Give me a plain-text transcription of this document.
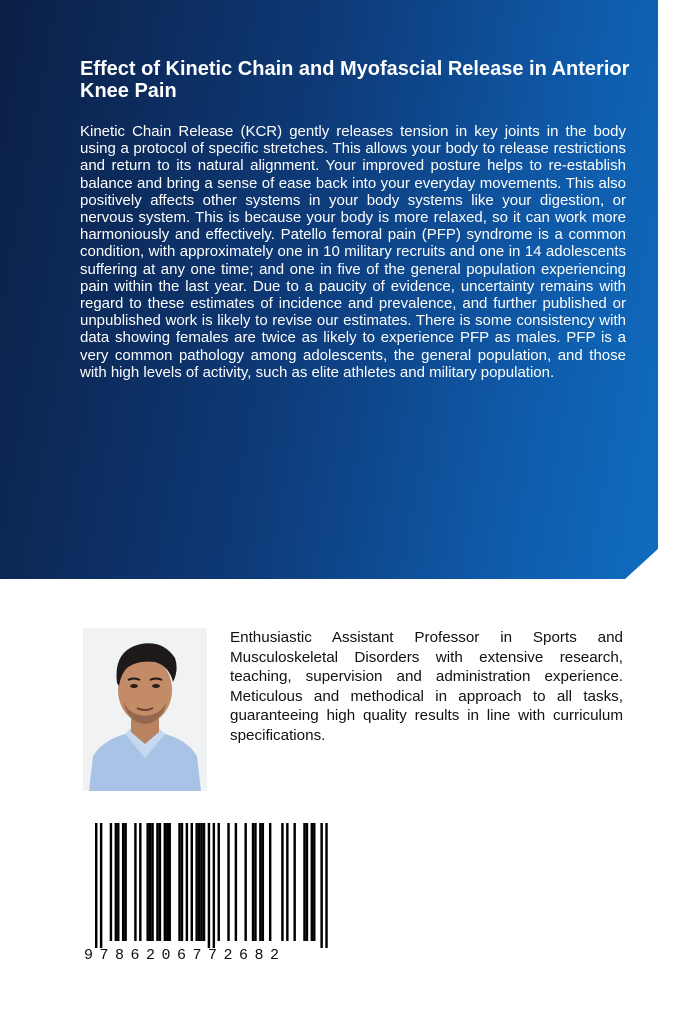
Effect of Kinetic Chain and Myofascial Release in Anterior Knee Pain

Kinetic Chain Release (KCR) gently releases tension in key joints in the body using a protocol of specific stretches. This allows your body to release restrictions and return to its natural alignment. Your improved posture helps to re-establish balance and bring a sense of ease back into your everyday movements. This also positively affects other systems in your body systems like your digestion, or nervous system. This is because your body is more relaxed, so it can work more harmoniously and effectively. Patello femoral pain (PFP) syndrome is a common condition, with approximately one in 10 military recruits and one in 14 adolescents suffering at any one time; and one in five of the general population experiencing pain within the last year. Due to a paucity of evidence, uncertainty remains with regard to these estimates of incidence and prevalence, and further published or unpublished work is likely to revise our estimates. There is some consistency with data showing females are twice as likely to experience PFP as males. PFP is a very common pathology among adolescents, the general population, and those with high levels of activity, such as elite athletes and military population.

Enthusiastic Assistant Professor in Sports and Musculoskeletal Disorders with extensive research, teaching, supervision and administration experience. Meticulous and methodical in approach to all tasks, guaranteeing high quality results in line with curriculum specifications.

9786206772682
